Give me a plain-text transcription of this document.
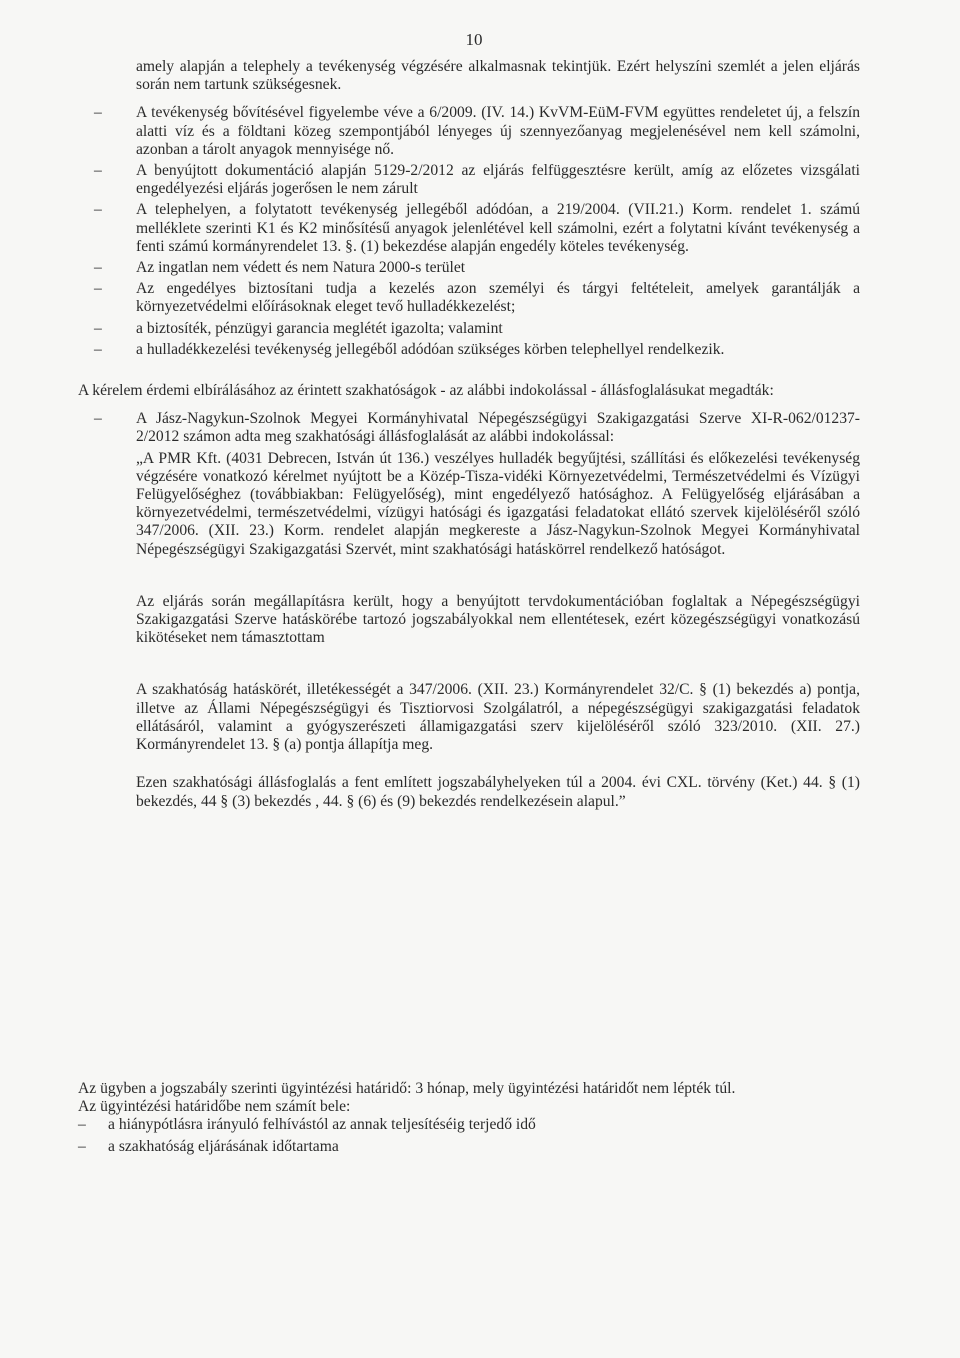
10

amely alapján a telephely a tevékenység végzésére alkalmasnak tekintjük. Ezért helyszíni szemlét a jelen eljárás során nem tartunk szükségesnek.

– A tevékenység bővítésével figyelembe véve a 6/2009. (IV. 14.) KvVM-EüM-FVM együttes rendeletet új, a felszín alatti víz és a földtani közeg szempontjából lényeges új szennyezőanyag megjelenésével nem kell számolni, azonban a tárolt anyagok mennyisége nő.
– A benyújtott dokumentáció alapján 5129-2/2012 az eljárás felfüggesztésre került, amíg az előzetes vizsgálati engedélyezési eljárás jogerősen le nem zárult
– A telephelyen, a folytatott tevékenység jellegéből adódóan, a 219/2004. (VII.21.) Korm. rendelet 1. számú melléklete szerinti K1 és K2 minősítésű anyagok jelenlétével kell számolni, ezért a folytatni kívánt tevékenység a fenti számú kormányrendelet 13. §. (1) bekezdése alapján engedély köteles tevékenység.
– Az ingatlan nem védett és nem Natura 2000-s terület
– Az engedélyes biztosítani tudja a kezelés azon személyi és tárgyi feltételeit, amelyek garantálják a környezetvédelmi előírásoknak eleget tevő hulladékkezelést;
– a biztosíték, pénzügyi garancia meglétét igazolta; valamint
– a hulladékkezelési tevékenység jellegéből adódóan szükséges körben telephellyel rendelkezik.

A kérelem érdemi elbírálásához az érintett szakhatóságok - az alábbi indokolással - állásfoglalásukat megadták:

– A Jász-Nagykun-Szolnok Megyei Kormányhivatal Népegészségügyi Szakigazgatási Szerve XI-R-062/01237-2/2012 számon adta meg szakhatósági állásfoglalását az alábbi indokolással:

„A PMR Kft. (4031 Debrecen, István út 136.) veszélyes hulladék begyűjtési, szállítási és előkezelési tevékenység végzésére vonatkozó kérelmet nyújtott be a Közép-Tisza-vidéki Környezetvédelmi, Természetvédelmi és Vízügyi Felügyelőséghez (továbbiakban: Felügyelőség), mint engedélyező hatósághoz. A Felügyelőség eljárásában a környezetvédelmi, természetvédelmi, vízügyi hatósági és igazgatási feladatokat ellátó szervek kijelöléséről szóló 347/2006. (XII. 23.) Korm. rendelet alapján megkereste a Jász-Nagykun-Szolnok Megyei Kormányhivatal Népegészségügyi Szakigazgatási Szervét, mint szakhatósági hatáskörrel rendelkező hatóságot.

Az eljárás során megállapításra került, hogy a benyújtott tervdokumentációban foglaltak a Népegészségügyi Szakigazgatási Szerve hatáskörébe tartozó jogszabályokkal nem ellentétesek, ezért közegészségügyi vonatkozású kikötéseket nem támasztottam

A szakhatóság hatáskörét, illetékességét a 347/2006. (XII. 23.) Kormányrendelet 32/C. § (1) bekezdés a) pontja, illetve az Állami Népegészségügyi és Tisztiorvosi Szolgálatról, a népegészségügyi szakigazgatási feladatok ellátásáról, valamint a gyógyszerészeti államigazgatási szerv kijelöléséről szóló 323/2010. (XII. 27.) Kormányrendelet 13. § (a) pontja állapítja meg.

Ezen szakhatósági állásfoglalás a fent említett jogszabályhelyeken túl a 2004. évi CXL. törvény (Ket.) 44. § (1) bekezdés, 44 § (3) bekezdés , 44. § (6) és (9) bekezdés rendelkezésein alapul.”

Az ügyben a jogszabály szerinti ügyintézési határidő: 3 hónap, mely ügyintézési határidőt nem lépték túl.

Az ügyintézési határidőbe nem számít bele:

– a hiánypótlásra irányuló felhívástól az annak teljesítéséig terjedő idő
– a szakhatóság eljárásának időtartama
